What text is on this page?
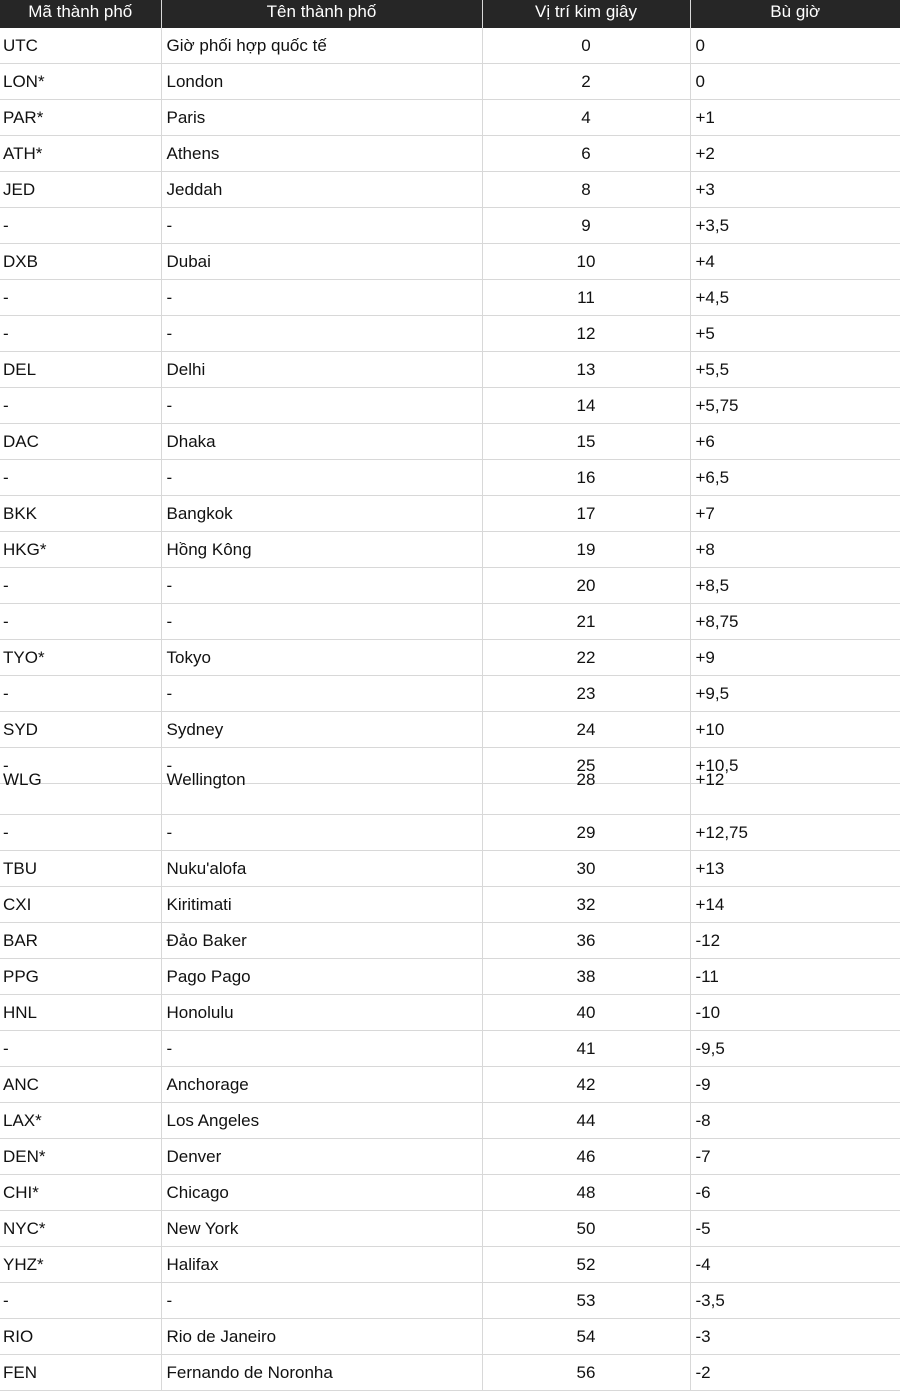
Mã thành phố	Tên thành phố	Vị trí kim giây	Bù giờ
UTC	Giờ phối hợp quốc tế	0	0
LON*	London	2	0
PAR*	Paris	4	+1
ATH*	Athens	6	+2
JED	Jeddah	8	+3
-	-	9	+3,5
DXB	Dubai	10	+4
-	-	11	+4,5
-	-	12	+5
DEL	Delhi	13	+5,5
-	-	14	+5,75
DAC	Dhaka	15	+6
-	-	16	+6,5
BKK	Bangkok	17	+7
HKG*	Hồng Kông	19	+8
-	-	20	+8,5
-	-	21	+8,75
TYO*	Tokyo	22	+9
-	-	23	+9,5
SYD	Sydney	24	+10
-	-	25	+10,5
WLG	Wellington	28	+12
-	-	29	+12,75
TBU	Nuku'alofa	30	+13
CXI	Kiritimati	32	+14
BAR	Đảo Baker	36	-12
PPG	Pago Pago	38	-11
HNL	Honolulu	40	-10
-	-	41	-9,5
ANC	Anchorage	42	-9
LAX*	Los Angeles	44	-8
DEN*	Denver	46	-7
CHI*	Chicago	48	-6
NYC*	New York	50	-5
YHZ*	Halifax	52	-4
-	-	53	-3,5
RIO	Rio de Janeiro	54	-3
FEN	Fernando de Noronha	56	-2
